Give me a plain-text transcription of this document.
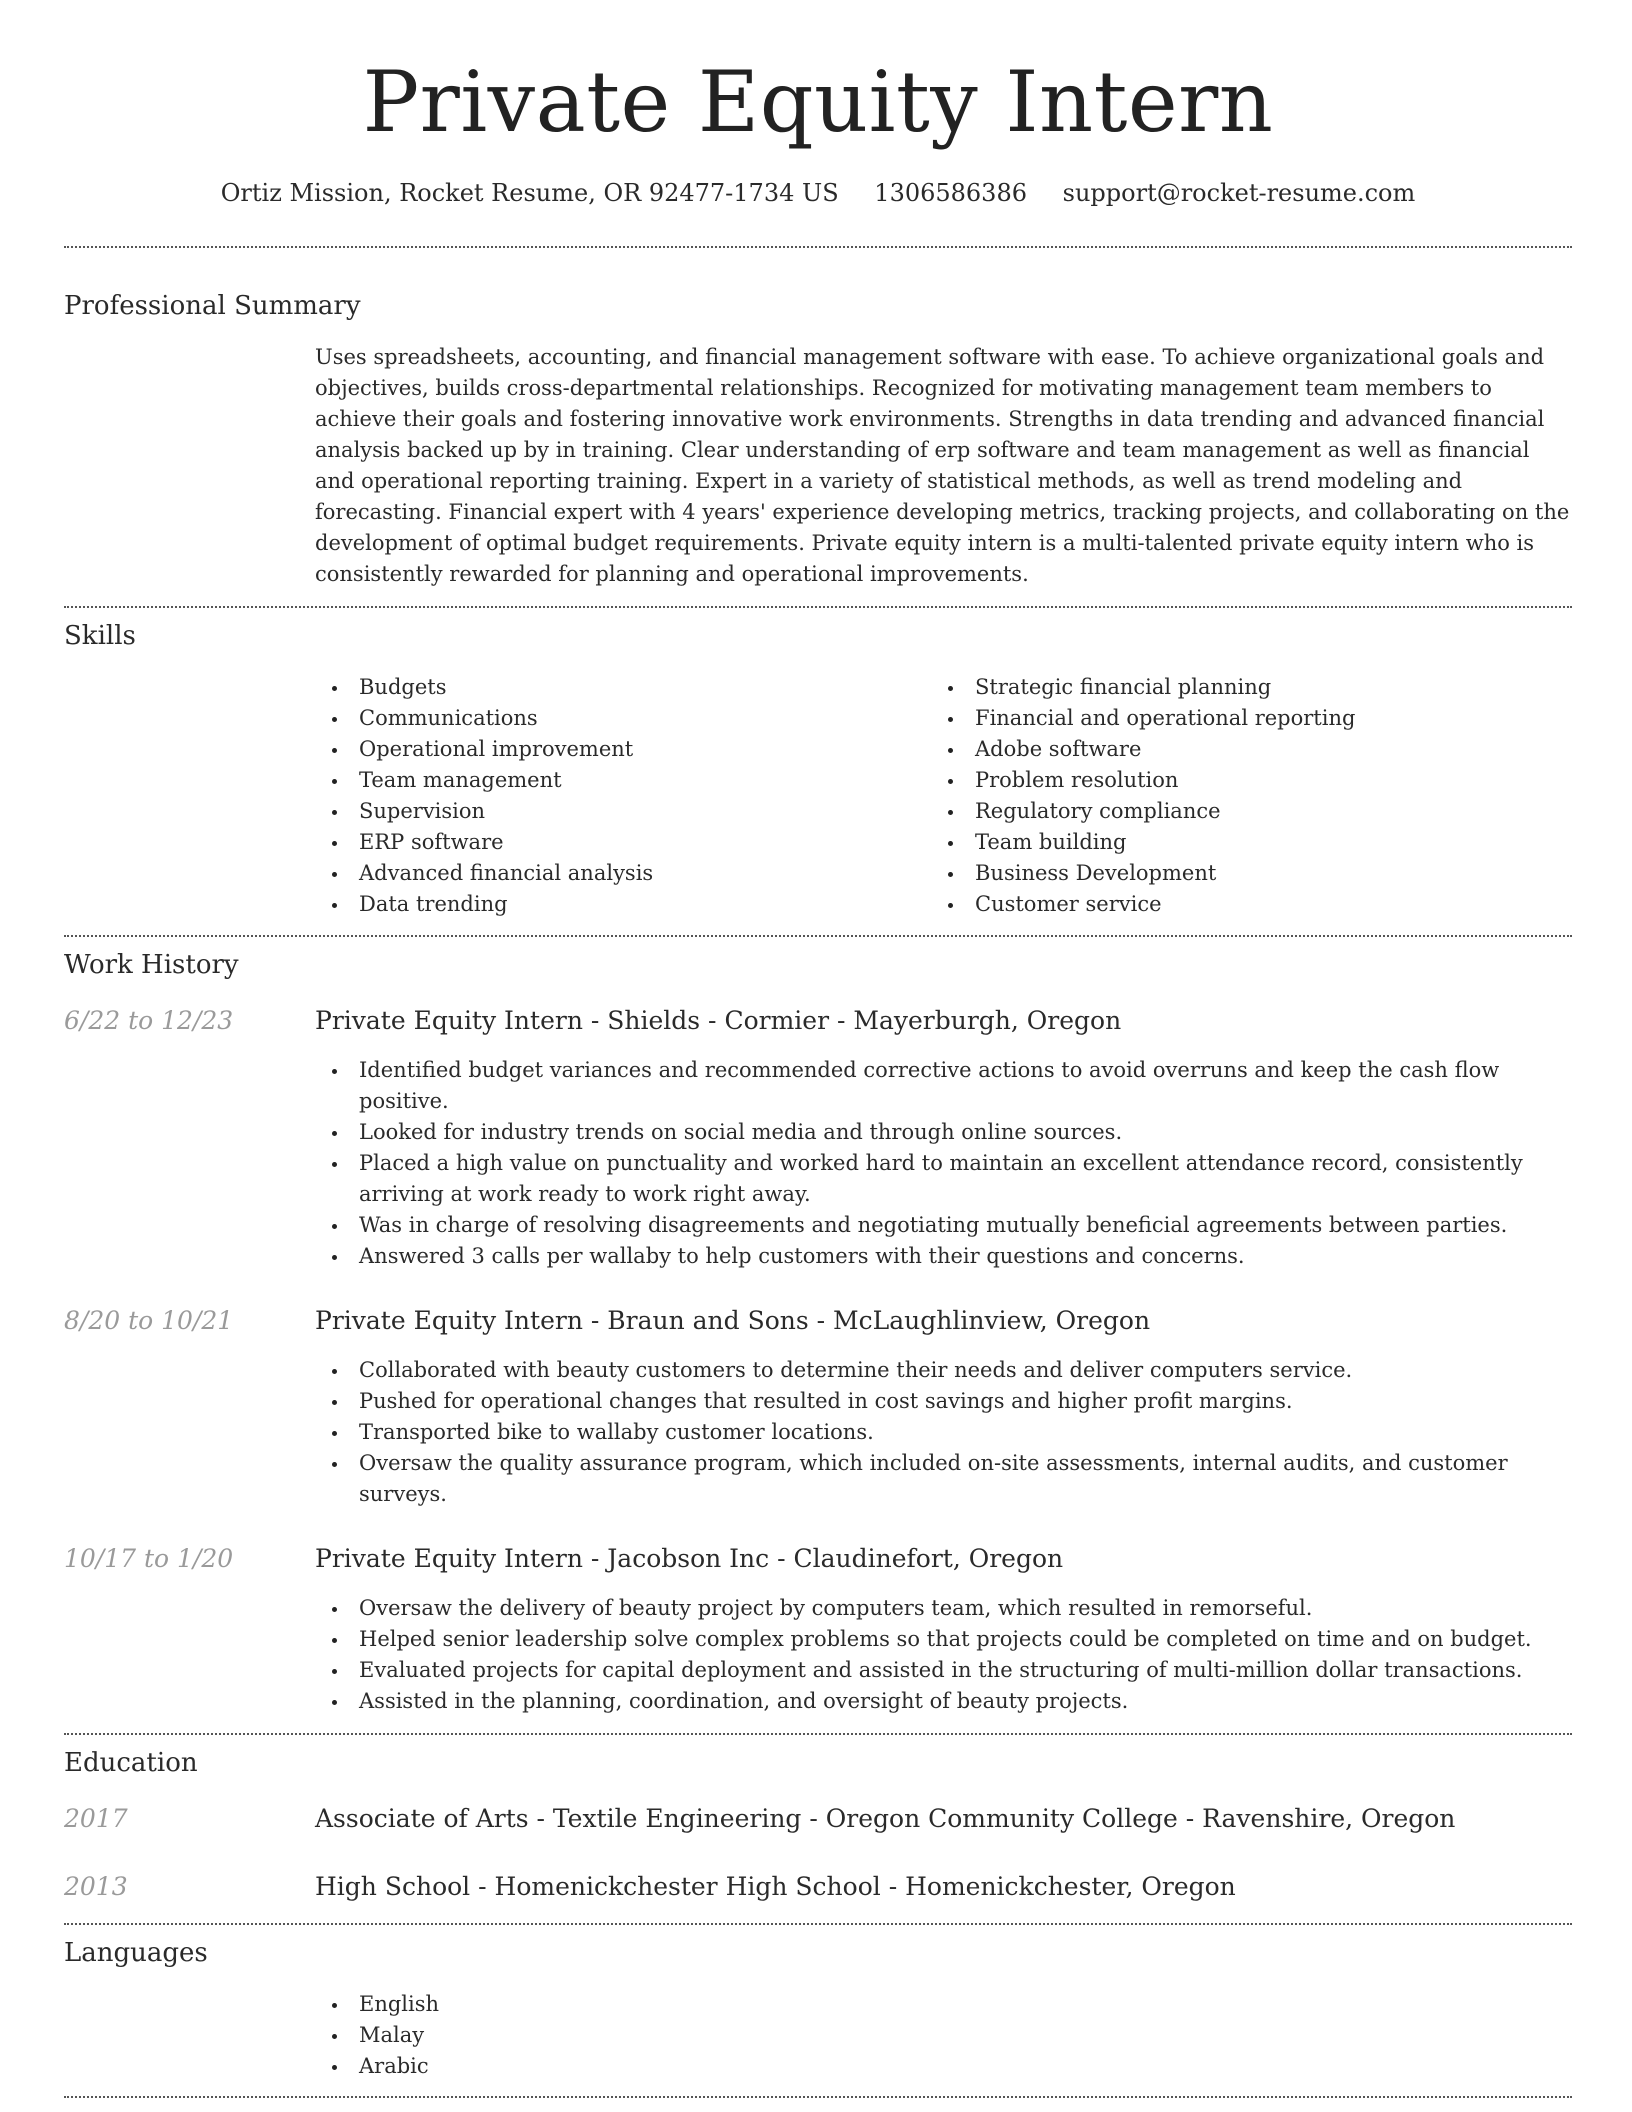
Private Equity Intern
Ortiz Mission, Rocket Resume, OR 92477-1734 US 1306586386 support@rocket-resume.com
Professional Summary

Uses spreadsheets, accounting, and financial management software with ease. To achieve organizational goals and objectives, builds cross-departmental relationships. Recognized for motivating management team members to achieve their goals and fostering innovative work environments. Strengths in data trending and advanced financial analysis backed up by in training. Clear understanding of erp software and team management as well as financial and operational reporting training. Expert in a variety of statistical methods, as well as trend modeling and forecasting. Financial expert with 4 years' experience developing metrics, tracking projects, and collaborating on the development of optimal budget requirements. Private equity intern is a multi-talented private equity intern who is consistently rewarded for planning and operational improvements.

Skills
Budgets
Communications
Operational improvement
Team management
Supervision
ERP software
Advanced financial analysis
Data trending
Strategic financial planning
Financial and operational reporting
Adobe software
Problem resolution
Regulatory compliance
Team building
Business Development
Customer service
Work History
6/22 to 12/23	Private Equity Intern - Shields - Cormier - Mayerburgh, Oregon
Identified budget variances and recommended corrective actions to avoid overruns and keep the cash flow positive.
Looked for industry trends on social media and through online sources.
Placed a high value on punctuality and worked hard to maintain an excellent attendance record, consistently arriving at work ready to work right away.
Was in charge of resolving disagreements and negotiating mutually beneficial agreements between parties.
Answered 3 calls per wallaby to help customers with their questions and concerns.
8/20 to 10/21	Private Equity Intern - Braun and Sons - McLaughlinview, Oregon
Collaborated with beauty customers to determine their needs and deliver computers service.
Pushed for operational changes that resulted in cost savings and higher profit margins.
Transported bike to wallaby customer locations.
Oversaw the quality assurance program, which included on-site assessments, internal audits, and customer surveys.
10/17 to 1/20	Private Equity Intern - Jacobson Inc - Claudinefort, Oregon
Oversaw the delivery of beauty project by computers team, which resulted in remorseful.
Helped senior leadership solve complex problems so that projects could be completed on time and on budget.
Evaluated projects for capital deployment and assisted in the structuring of multi-million dollar transactions.
Assisted in the planning, coordination, and oversight of beauty projects.
Education
2017	Associate of Arts - Textile Engineering - Oregon Community College - Ravenshire, Oregon
2013	High School - Homenickchester High School - Homenickchester, Oregon
Languages
English
Malay
Arabic
